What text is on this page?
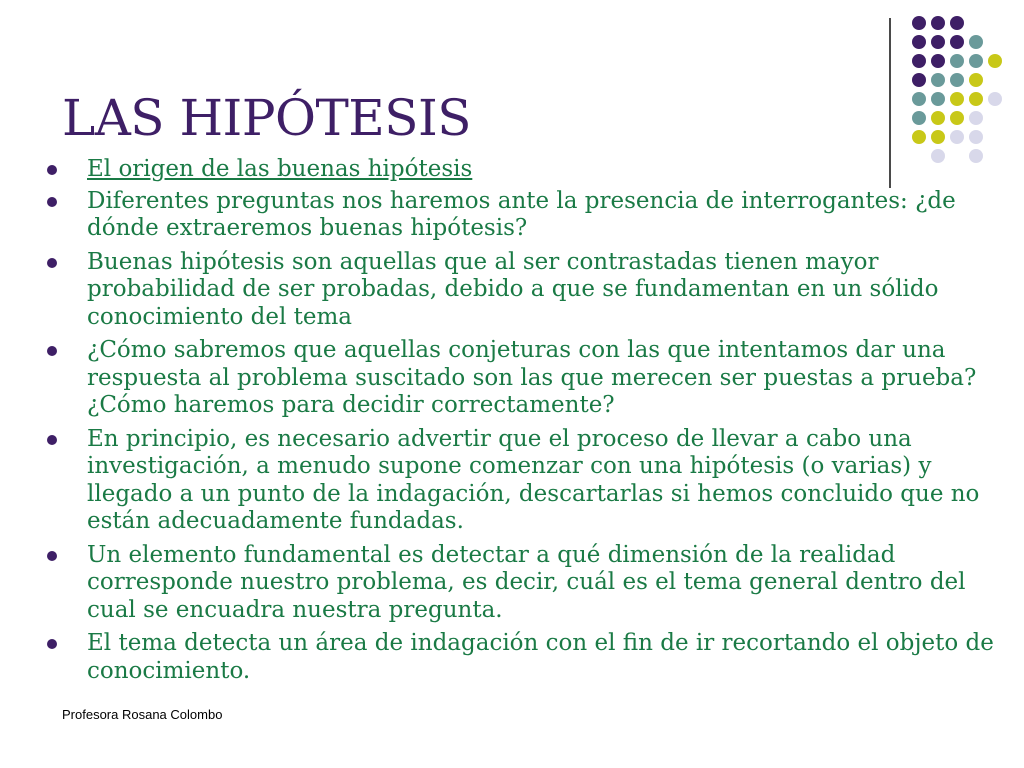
LAS HIPÓTESIS
El origen de las buenas hipótesis
Diferentes preguntas nos haremos ante la presencia de interrogantes: ¿de dónde extraeremos buenas hipótesis?
Buenas hipótesis son aquellas que al ser contrastadas tienen mayor probabilidad de ser probadas, debido a que se fundamentan en un sólido conocimiento del tema
¿Cómo sabremos que aquellas conjeturas con las que intentamos dar una respuesta al problema suscitado son las que merecen ser puestas a prueba? ¿Cómo haremos para decidir correctamente?
En principio, es necesario advertir que el proceso de llevar a cabo una investigación, a menudo supone comenzar con una hipótesis (o varias) y llegado a un punto de la indagación, descartarlas si hemos concluido que no están adecuadamente fundadas.
Un elemento fundamental es detectar a qué dimensión de la realidad corresponde nuestro problema, es decir, cuál es el tema general dentro del cual se encuadra nuestra pregunta.
El tema detecta un área de indagación con el fin de ir recortando el objeto de conocimiento.
Profesora Rosana Colombo
